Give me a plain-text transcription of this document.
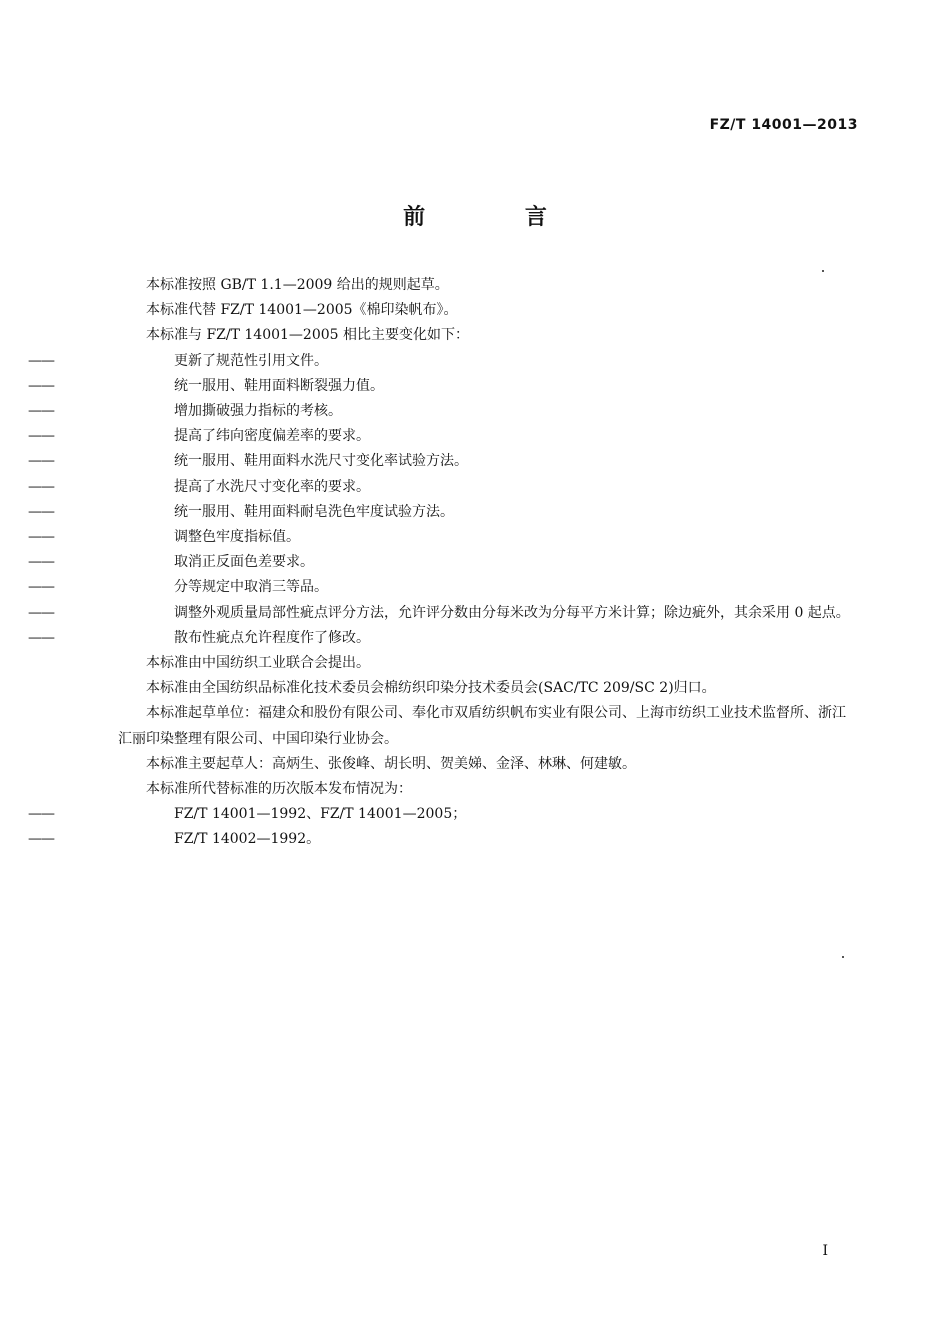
FZ/T 14001—2013
前 言

本标准按照 GB/T 1.1—2009 给出的规则起草。

本标准代替 FZ/T 14001—2005《棉印染帆布》。

本标准与 FZ/T 14001—2005 相比主要变化如下：

——	更新了规范性引用文件。

——	统一服用、鞋用面料断裂强力值。

——	增加撕破强力指标的考核。

——	提高了纬向密度偏差率的要求。

——	统一服用、鞋用面料水洗尺寸变化率试验方法。

——	提高了水洗尺寸变化率的要求。

——	统一服用、鞋用面料耐皂洗色牢度试验方法。

——	调整色牢度指标值。

——	取消正反面色差要求。

——	分等规定中取消三等品。

——	调整外观质量局部性疵点评分方法，允许评分数由分每米改为分每平方米计算；除边疵外，其余采用 0 起点。

——	散布性疵点允许程度作了修改。

本标准由中国纺织工业联合会提出。

本标准由全国纺织品标准化技术委员会棉纺织印染分技术委员会(SAC/TC 209/SC 2)归口。

本标准起草单位：福建众和股份有限公司、奉化市双盾纺织帆布实业有限公司、上海市纺织工业技术监督所、浙江汇丽印染整理有限公司、中国印染行业协会。

本标准主要起草人：高炳生、张俊峰、胡长明、贺美娣、金泽、林琳、何建敏。

本标准所代替标准的历次版本发布情况为：

——	FZ/T 14001—1992、FZ/T 14001—2005；

——	FZ/T 14002—1992。

I
